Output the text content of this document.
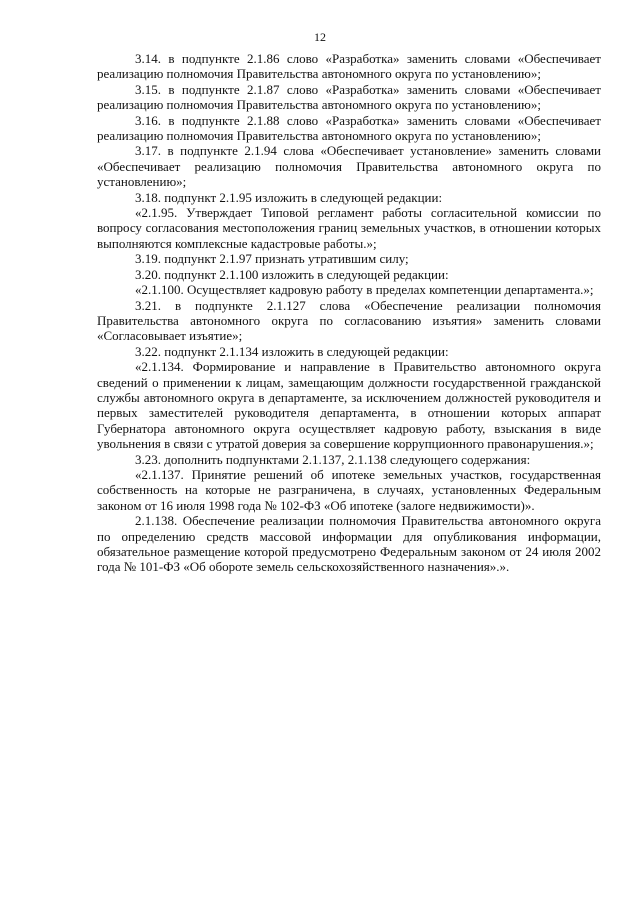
12

3.14. в подпункте 2.1.86 слово «Разработка» заменить словами «Обеспечивает реализацию полномочия Правительства автономного округа по установлению»;

3.15. в подпункте 2.1.87 слово «Разработка» заменить словами «Обеспечивает реализацию полномочия Правительства автономного округа по установлению»;

3.16. в подпункте 2.1.88 слово «Разработка» заменить словами «Обеспечивает реализацию полномочия Правительства автономного округа по установлению»;

3.17. в подпункте 2.1.94 слова «Обеспечивает установление» заменить словами «Обеспечивает реализацию полномочия Правительства автономного округа по установлению»;

3.18. подпункт 2.1.95 изложить в следующей редакции:

«2.1.95. Утверждает Типовой регламент работы согласительной комиссии по вопросу согласования местоположения границ земельных участков, в отношении которых выполняются комплексные кадастровые работы.»;

3.19. подпункт 2.1.97 признать утратившим силу;

3.20. подпункт 2.1.100 изложить в следующей редакции:

«2.1.100. Осуществляет кадровую работу в пределах компетенции департамента.»;

3.21. в подпункте 2.1.127 слова «Обеспечение реализации полномочия Правительства автономного округа по согласованию изъятия» заменить словами «Согласовывает изъятие»;

3.22. подпункт 2.1.134 изложить в следующей редакции:

«2.1.134. Формирование и направление в Правительство автономного округа сведений о применении к лицам, замещающим должности государственной гражданской службы автономного округа в департаменте, за исключением должностей руководителя и первых заместителей руководителя департамента, в отношении которых аппарат Губернатора автономного округа осуществляет кадровую работу, взыскания в виде увольнения в связи с утратой доверия за совершение коррупционного правонарушения.»;

3.23. дополнить подпунктами 2.1.137, 2.1.138 следующего содержания:

«2.1.137. Принятие решений об ипотеке земельных участков, государственная собственность на которые не разграничена, в случаях, установленных Федеральным законом от 16 июля 1998 года № 102-ФЗ «Об ипотеке (залоге недвижимости)».

2.1.138. Обеспечение реализации полномочия Правительства автономного округа по определению средств массовой информации для опубликования информации, обязательное размещение которой предусмотрено Федеральным законом от 24 июля 2002 года № 101-ФЗ «Об обороте земель сельскохозяйственного назначения».».
